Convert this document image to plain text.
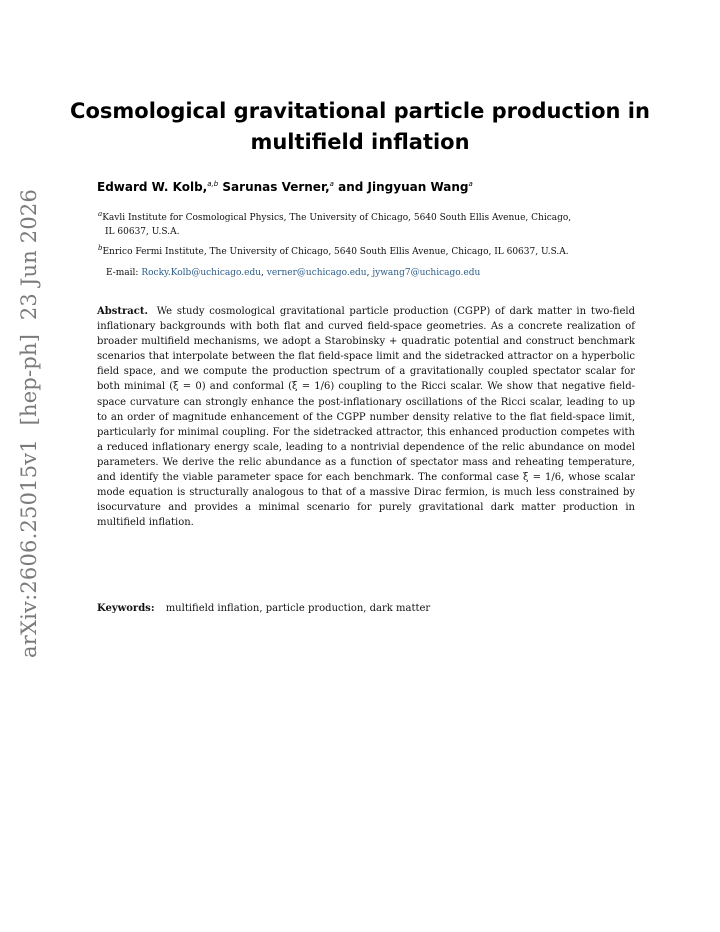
arXiv:2606.25015v1  [hep-ph]  23 Jun 2026
Cosmological gravitational particle production in
multifield inflation
Edward W. Kolb,$^{a,b}$ Sarunas Verner,$^a$ and Jingyuan Wang$^a$
$^a$Kavli Institute for Cosmological Physics, The University of Chicago, 5640 South Ellis Avenue, Chicago,
IL 60637, U.S.A.
$^b$Enrico Fermi Institute, The University of Chicago, 5640 South Ellis Avenue, Chicago, IL 60637, U.S.A.
E-mail: Rocky.Kolb@uchicago.edu, verner@uchicago.edu, jywang7@uchicago.edu
Abstract. We study cosmological gravitational particle production (CGPP) of dark matter in two-field inflationary backgrounds with both flat and curved field-space geometries. As a concrete realization of broader multifield mechanisms, we adopt a Starobinsky + quadratic potential and construct benchmark scenarios that interpolate between the flat field-space limit and the sidetracked attractor on a hyperbolic field space, and we compute the production spectrum of a gravitationally coupled spectator scalar for both minimal (ξ = 0) and conformal (ξ = 1/6) coupling to the Ricci scalar. We show that negative field-space curvature can strongly enhance the post-inflationary oscillations of the Ricci scalar, leading to up to an order of magnitude enhancement of the CGPP number density relative to the flat field-space limit, particularly for minimal coupling. For the sidetracked attractor, this enhanced production competes with a reduced inflationary energy scale, leading to a nontrivial dependence of the relic abundance on model parameters. We derive the relic abundance as a function of spectator mass and reheating temperature, and identify the viable parameter space for each benchmark. The conformal case ξ = 1/6, whose scalar mode equation is structurally analogous to that of a massive Dirac fermion, is much less constrained by isocurvature and provides a minimal scenario for purely gravitational dark matter production in multifield inflation.
Keywords: multifield inflation, particle production, dark matter
